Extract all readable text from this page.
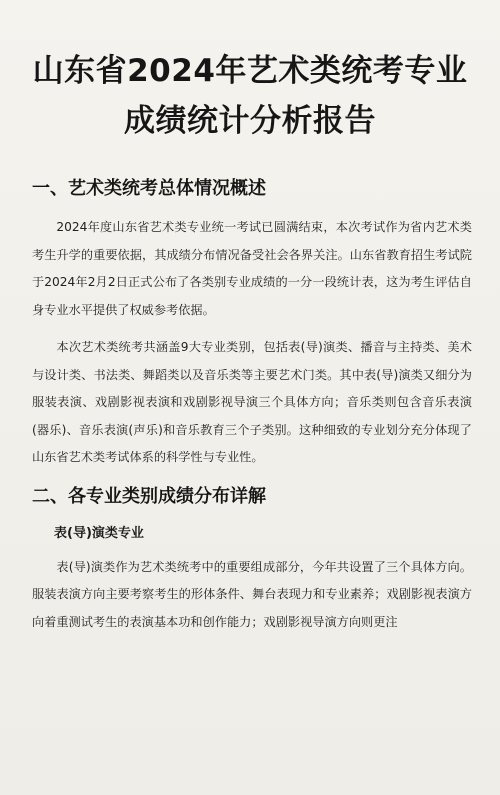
山东省2024年艺术类统考专业成绩统计分析报告
一、艺术类统考总体情况概述

2024年度山东省艺术类专业统一考试已圆满结束，本次考试作为省内艺术类考生升学的重要依据，其成绩分布情况备受社会各界关注。山东省教育招生考试院于2024年2月2日正式公布了各类别专业成绩的一分一段统计表，这为考生评估自身专业水平提供了权威参考依据。

本次艺术类统考共涵盖9大专业类别，包括表(导)演类、播音与主持类、美术与设计类、书法类、舞蹈类以及音乐类等主要艺术门类。其中表(导)演类又细分为服装表演、戏剧影视表演和戏剧影视导演三个具体方向；音乐类则包含音乐表演(器乐)、音乐表演(声乐)和音乐教育三个子类别。这种细致的专业划分充分体现了山东省艺术类考试体系的科学性与专业性。

二、各专业类别成绩分布详解
表(导)演类专业

表(导)演类作为艺术类统考中的重要组成部分，今年共设置了三个具体方向。服装表演方向主要考察考生的形体条件、舞台表现力和专业素养；戏剧影视表演方向着重测试考生的表演基本功和创作能力；戏剧影视导演方向则更注
